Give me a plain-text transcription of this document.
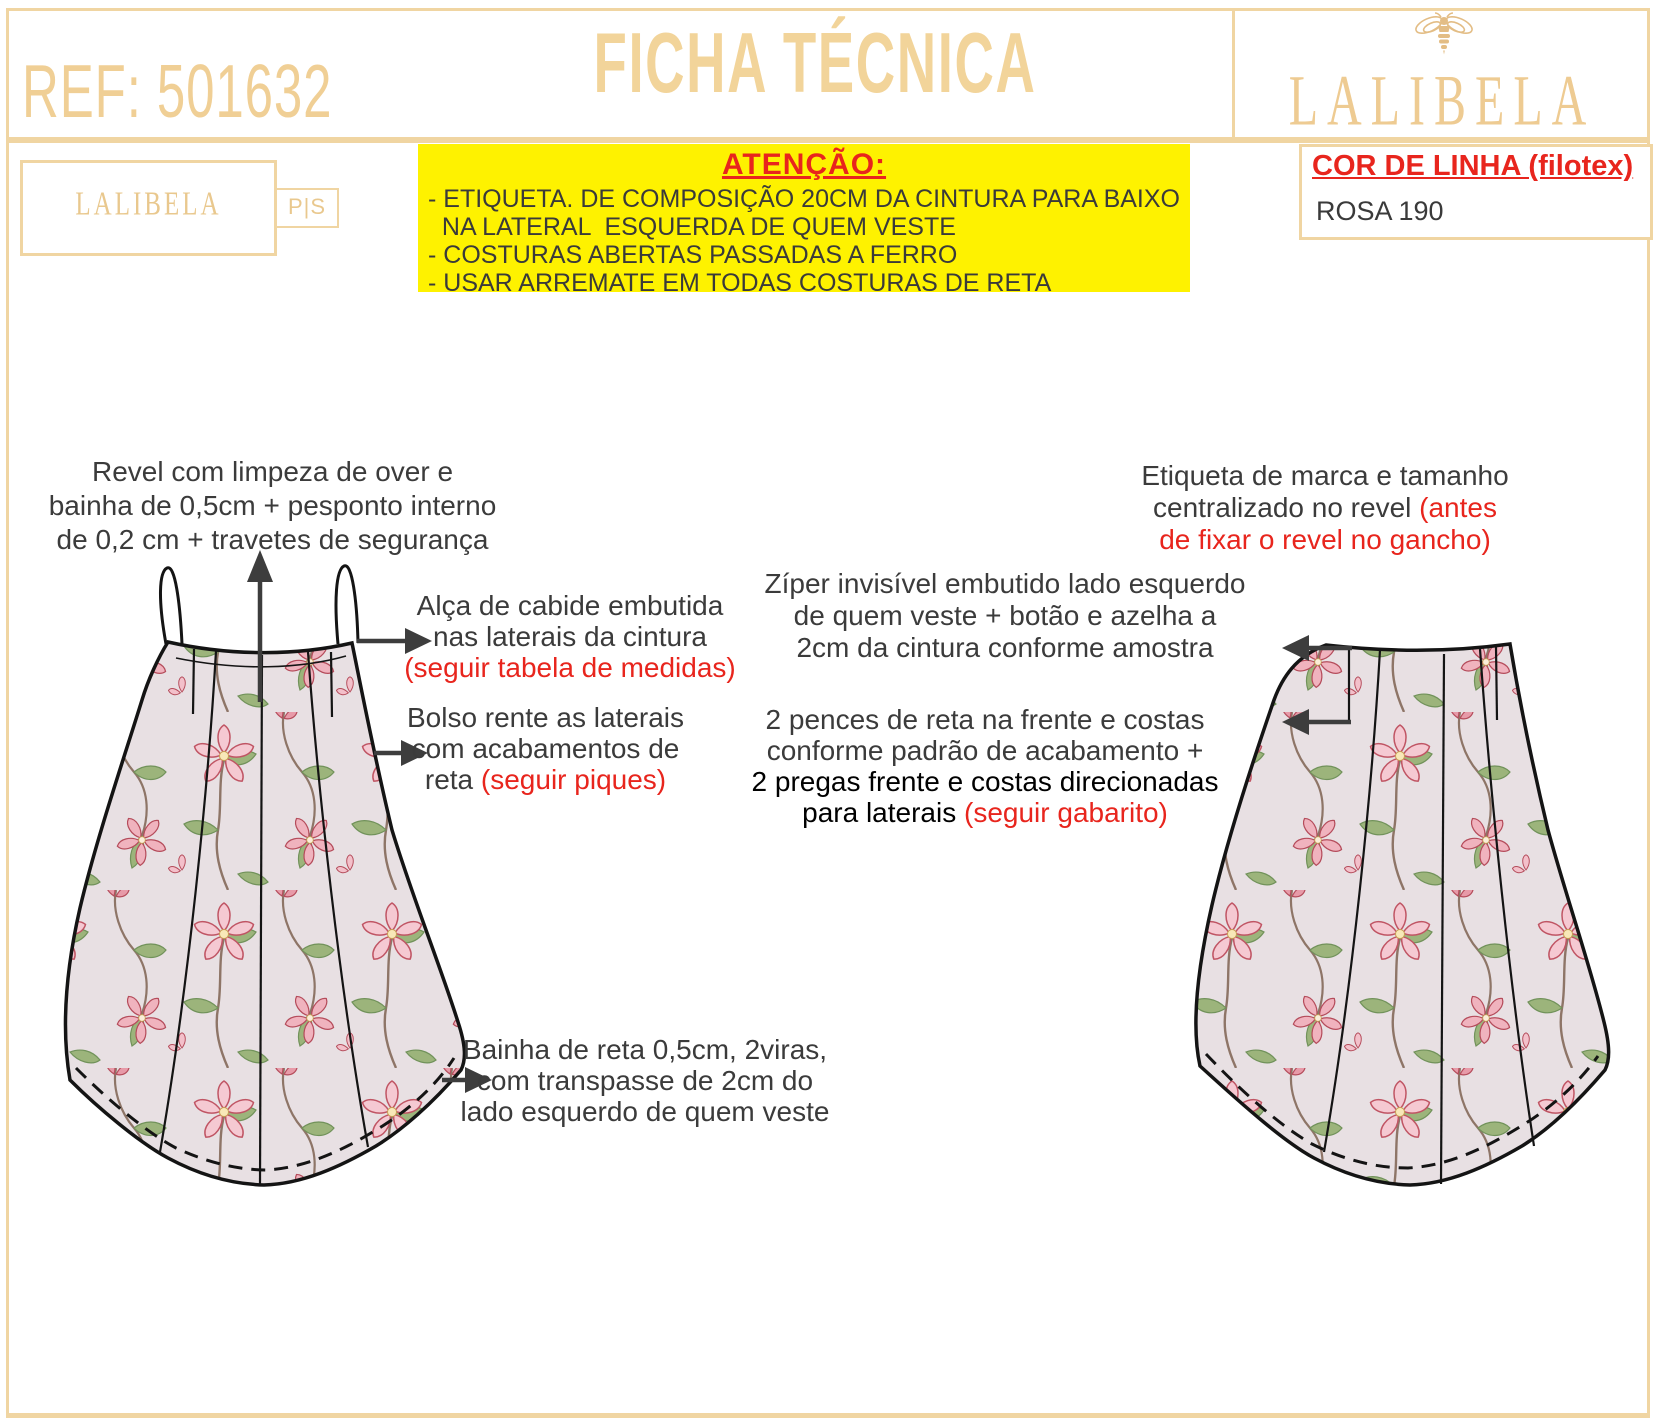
REF: 501632	FICHA TÉCNICA	LALIBELA
LALIBELA	P|S
ATENÇÃO:
- ETIQUETA. DE COMPOSIÇÃO 20CM DA CINTURA PARA BAIXO
NA LATERAL  ESQUERDA DE QUEM VESTE
- COSTURAS ABERTAS PASSADAS A FERRO
- USAR ARREMATE EM TODAS COSTURAS DE RETA
COR DE LINHA (filotex)
ROSA 190
Revel com limpeza de over e
bainha de 0,5cm + pesponto interno
de 0,2 cm + travetes de segurança
Alça de cabide embutida
nas laterais da cintura
(seguir tabela de medidas)
Bolso rente as laterais
com acabamentos de
reta (seguir piques)
Bainha de reta 0,5cm, 2viras,
com transpasse de 2cm do
lado esquerdo de quem veste
Etiqueta de marca e tamanho
centralizado no revel (antes
de fixar o revel no gancho)
Zíper invisível embutido lado esquerdo
de quem veste + botão e azelha a
2cm da cintura conforme amostra
2 pences de reta na frente e costas
conforme padrão de acabamento +
2 pregas frente e costas direcionadas
para laterais (seguir gabarito)
